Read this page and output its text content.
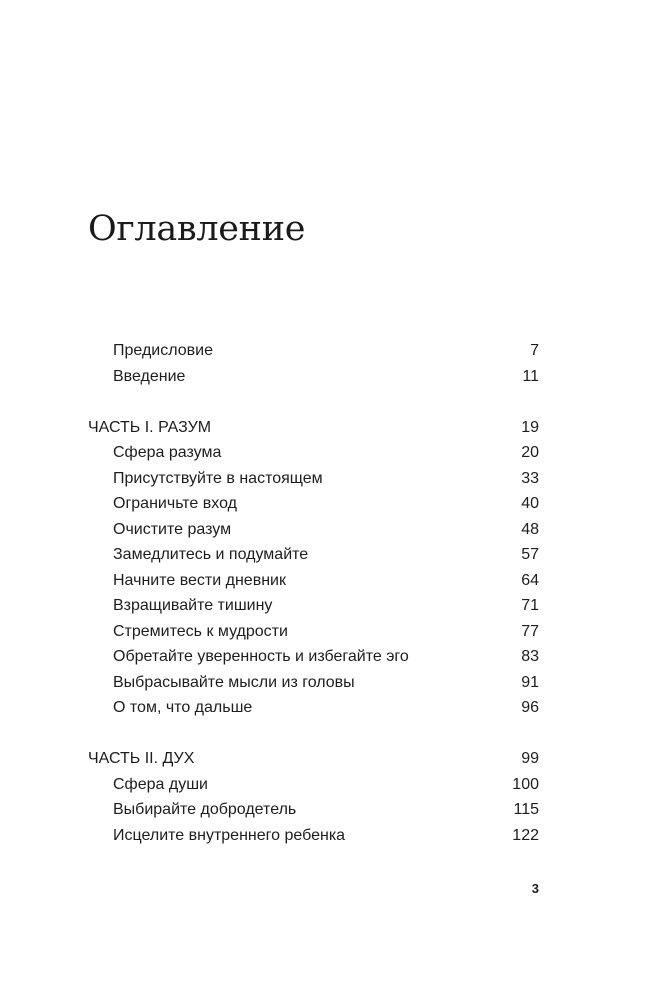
Оглавление
Предисловие	7
Введение	11
ЧАСТЬ I. РАЗУМ	19
Сфера разума	20
Присутствуйте в настоящем	33
Ограничьте вход	40
Очистите разум	48
Замедлитесь и подумайте	57
Начните вести дневник	64
Взращивайте тишину	71
Стремитесь к мудрости	77
Обретайте уверенность и избегайте эго	83
Выбрасывайте мысли из головы	91
О том, что дальше	96
ЧАСТЬ II. ДУХ	99
Сфера души	100
Выбирайте добродетель	115
Исцелите внутреннего ребенка	122
3
